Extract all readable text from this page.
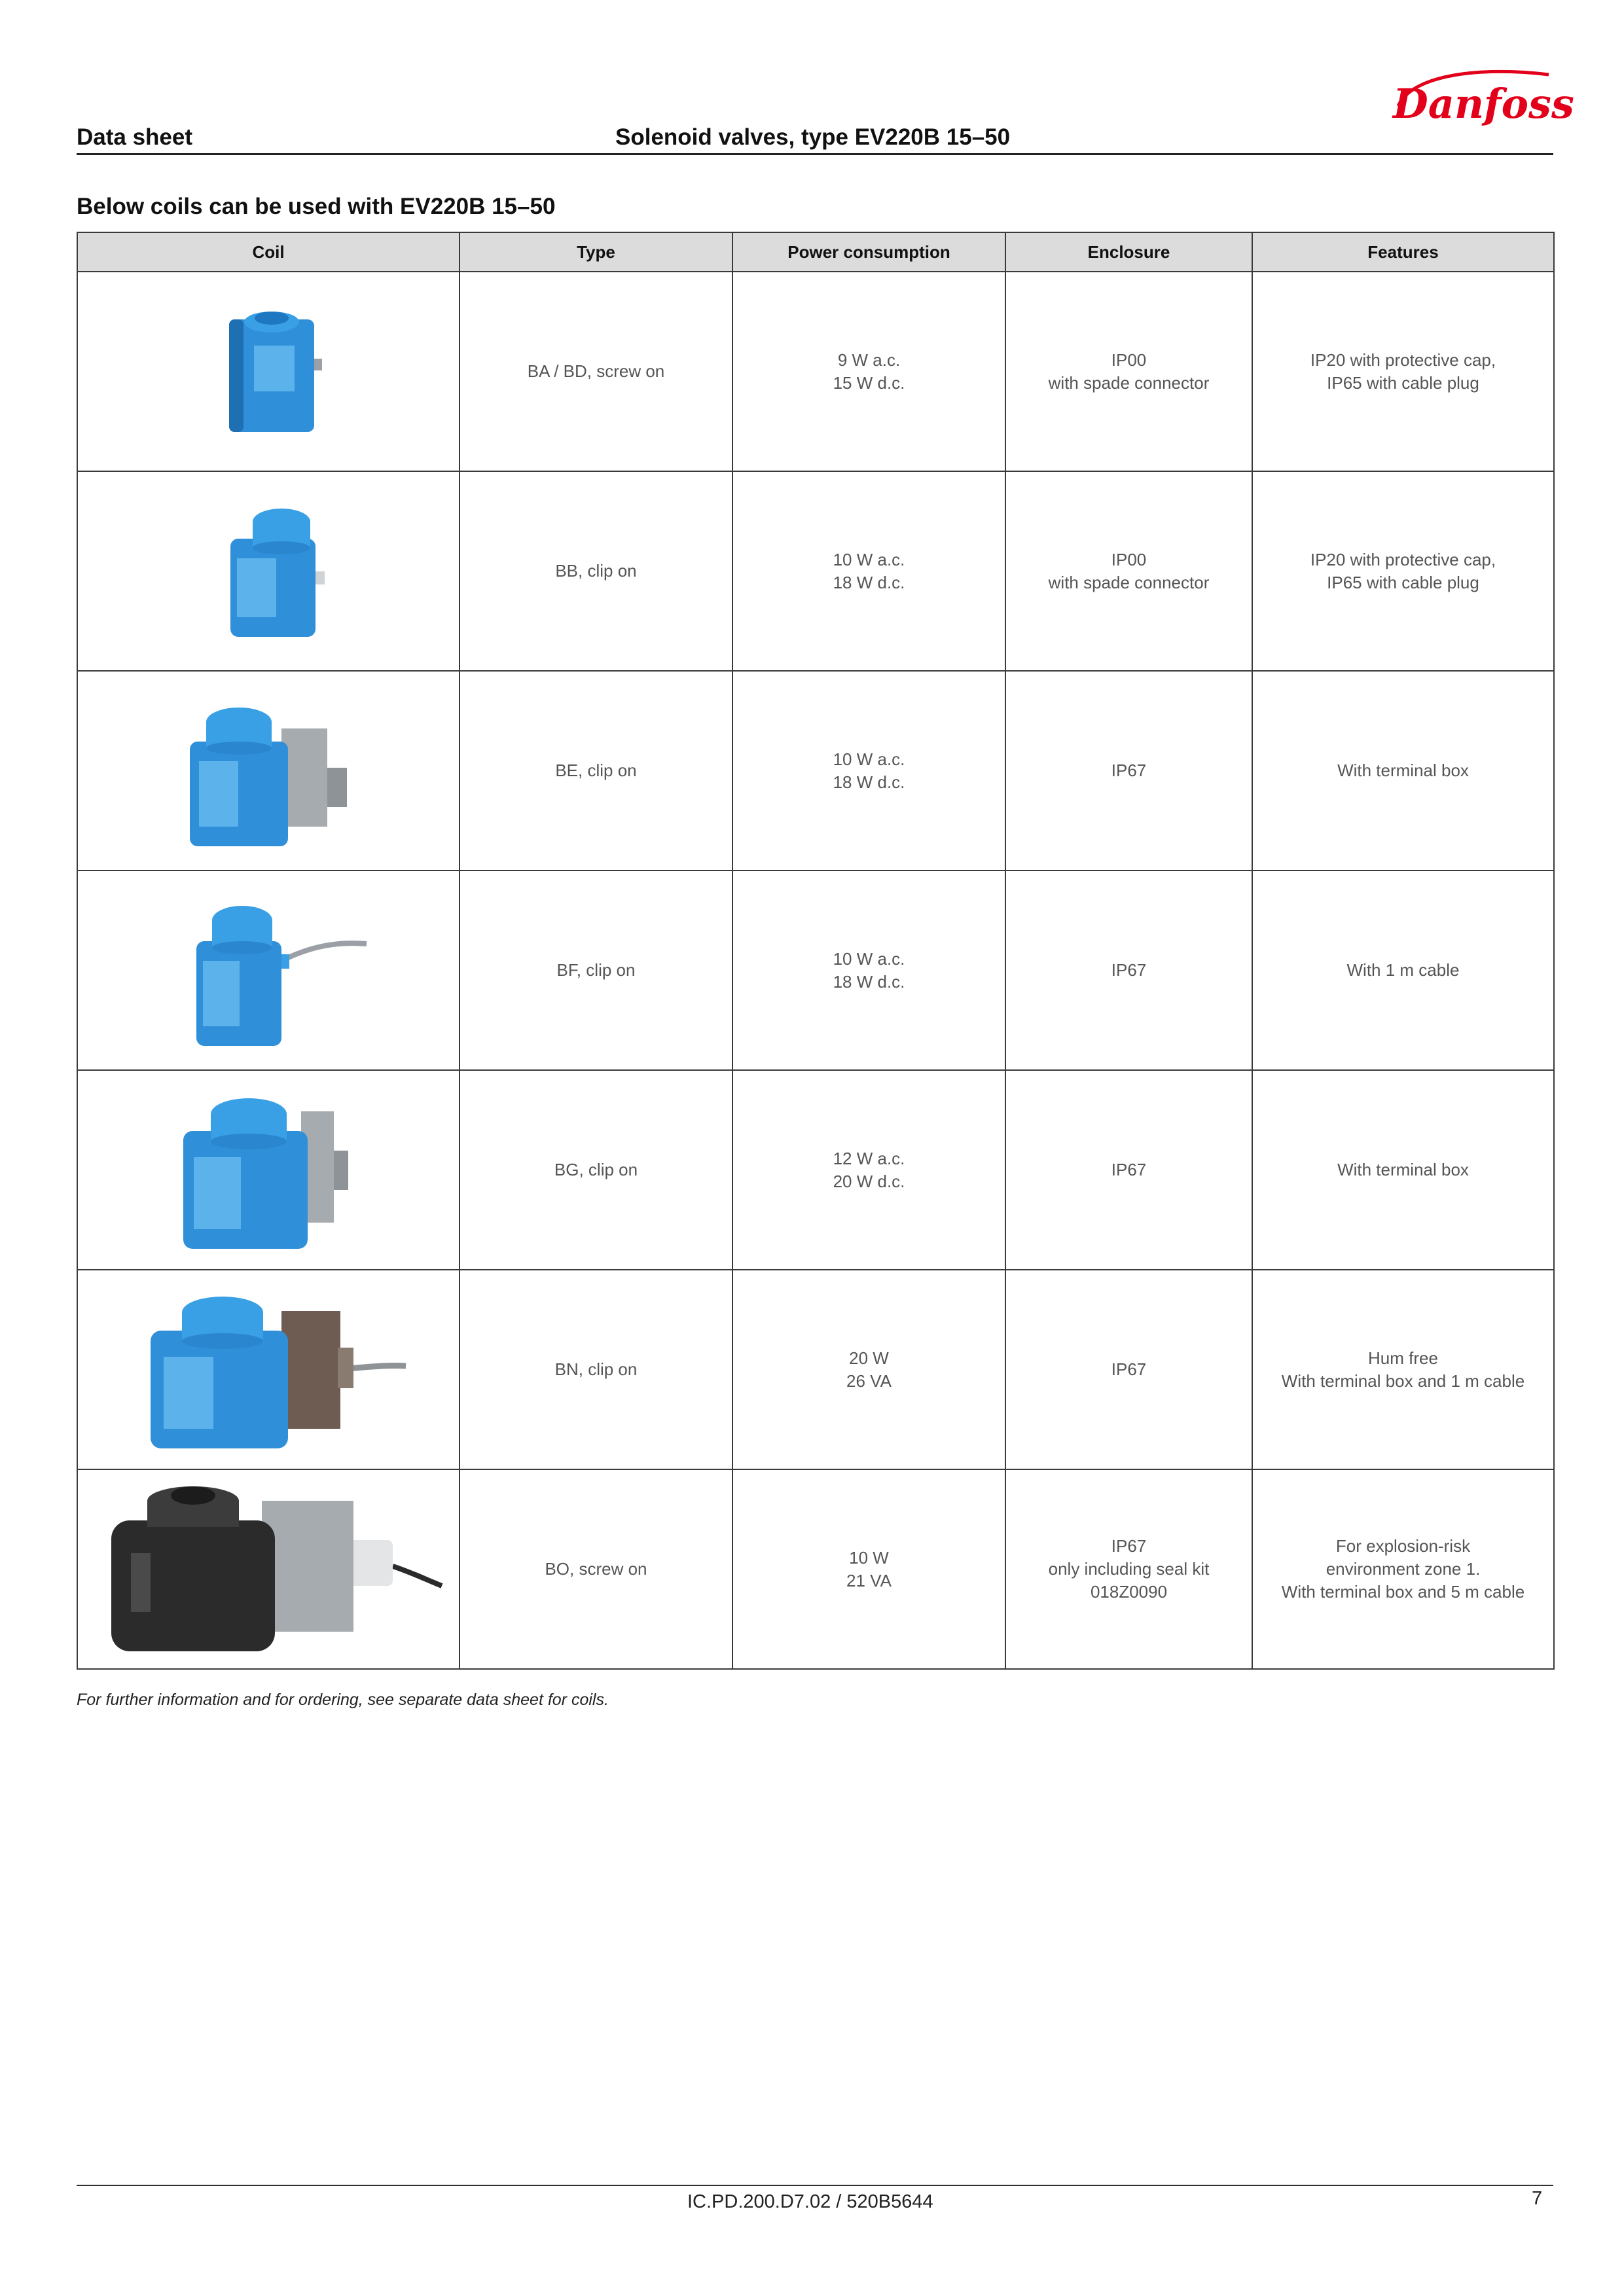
Danfoss
Data sheet	Solenoid valves, type EV220B 15–50
Below coils can be used with EV220B 15–50
Coil	Type	Power consumption	Enclosure	Features

	BA / BD, screw on	9 W a.c.
15 W d.c.	IP00
with spade connector	IP20 with protective cap,
IP65 with cable plug

	BB, clip on	10 W a.c.
18 W d.c.	IP00
with spade connector	IP20 with protective cap,
IP65 with cable plug

	BE, clip on	10 W a.c.
18 W d.c.	IP67	With terminal box

	BF, clip on	10 W a.c.
18 W d.c.	IP67	With 1 m cable

	BG, clip on	12 W a.c.
20 W d.c.	IP67	With terminal box

	BN, clip on	20 W
26 VA	IP67	Hum free
With terminal box and 1 m cable

	BO, screw on	10 W
21 VA	IP67
only including seal kit
018Z0090	For explosion-risk
environment zone 1.
With terminal box and 5 m cable
For further information and for ordering, see separate data sheet for coils.
IC.PD.200.D7.02 / 520B5644	7
